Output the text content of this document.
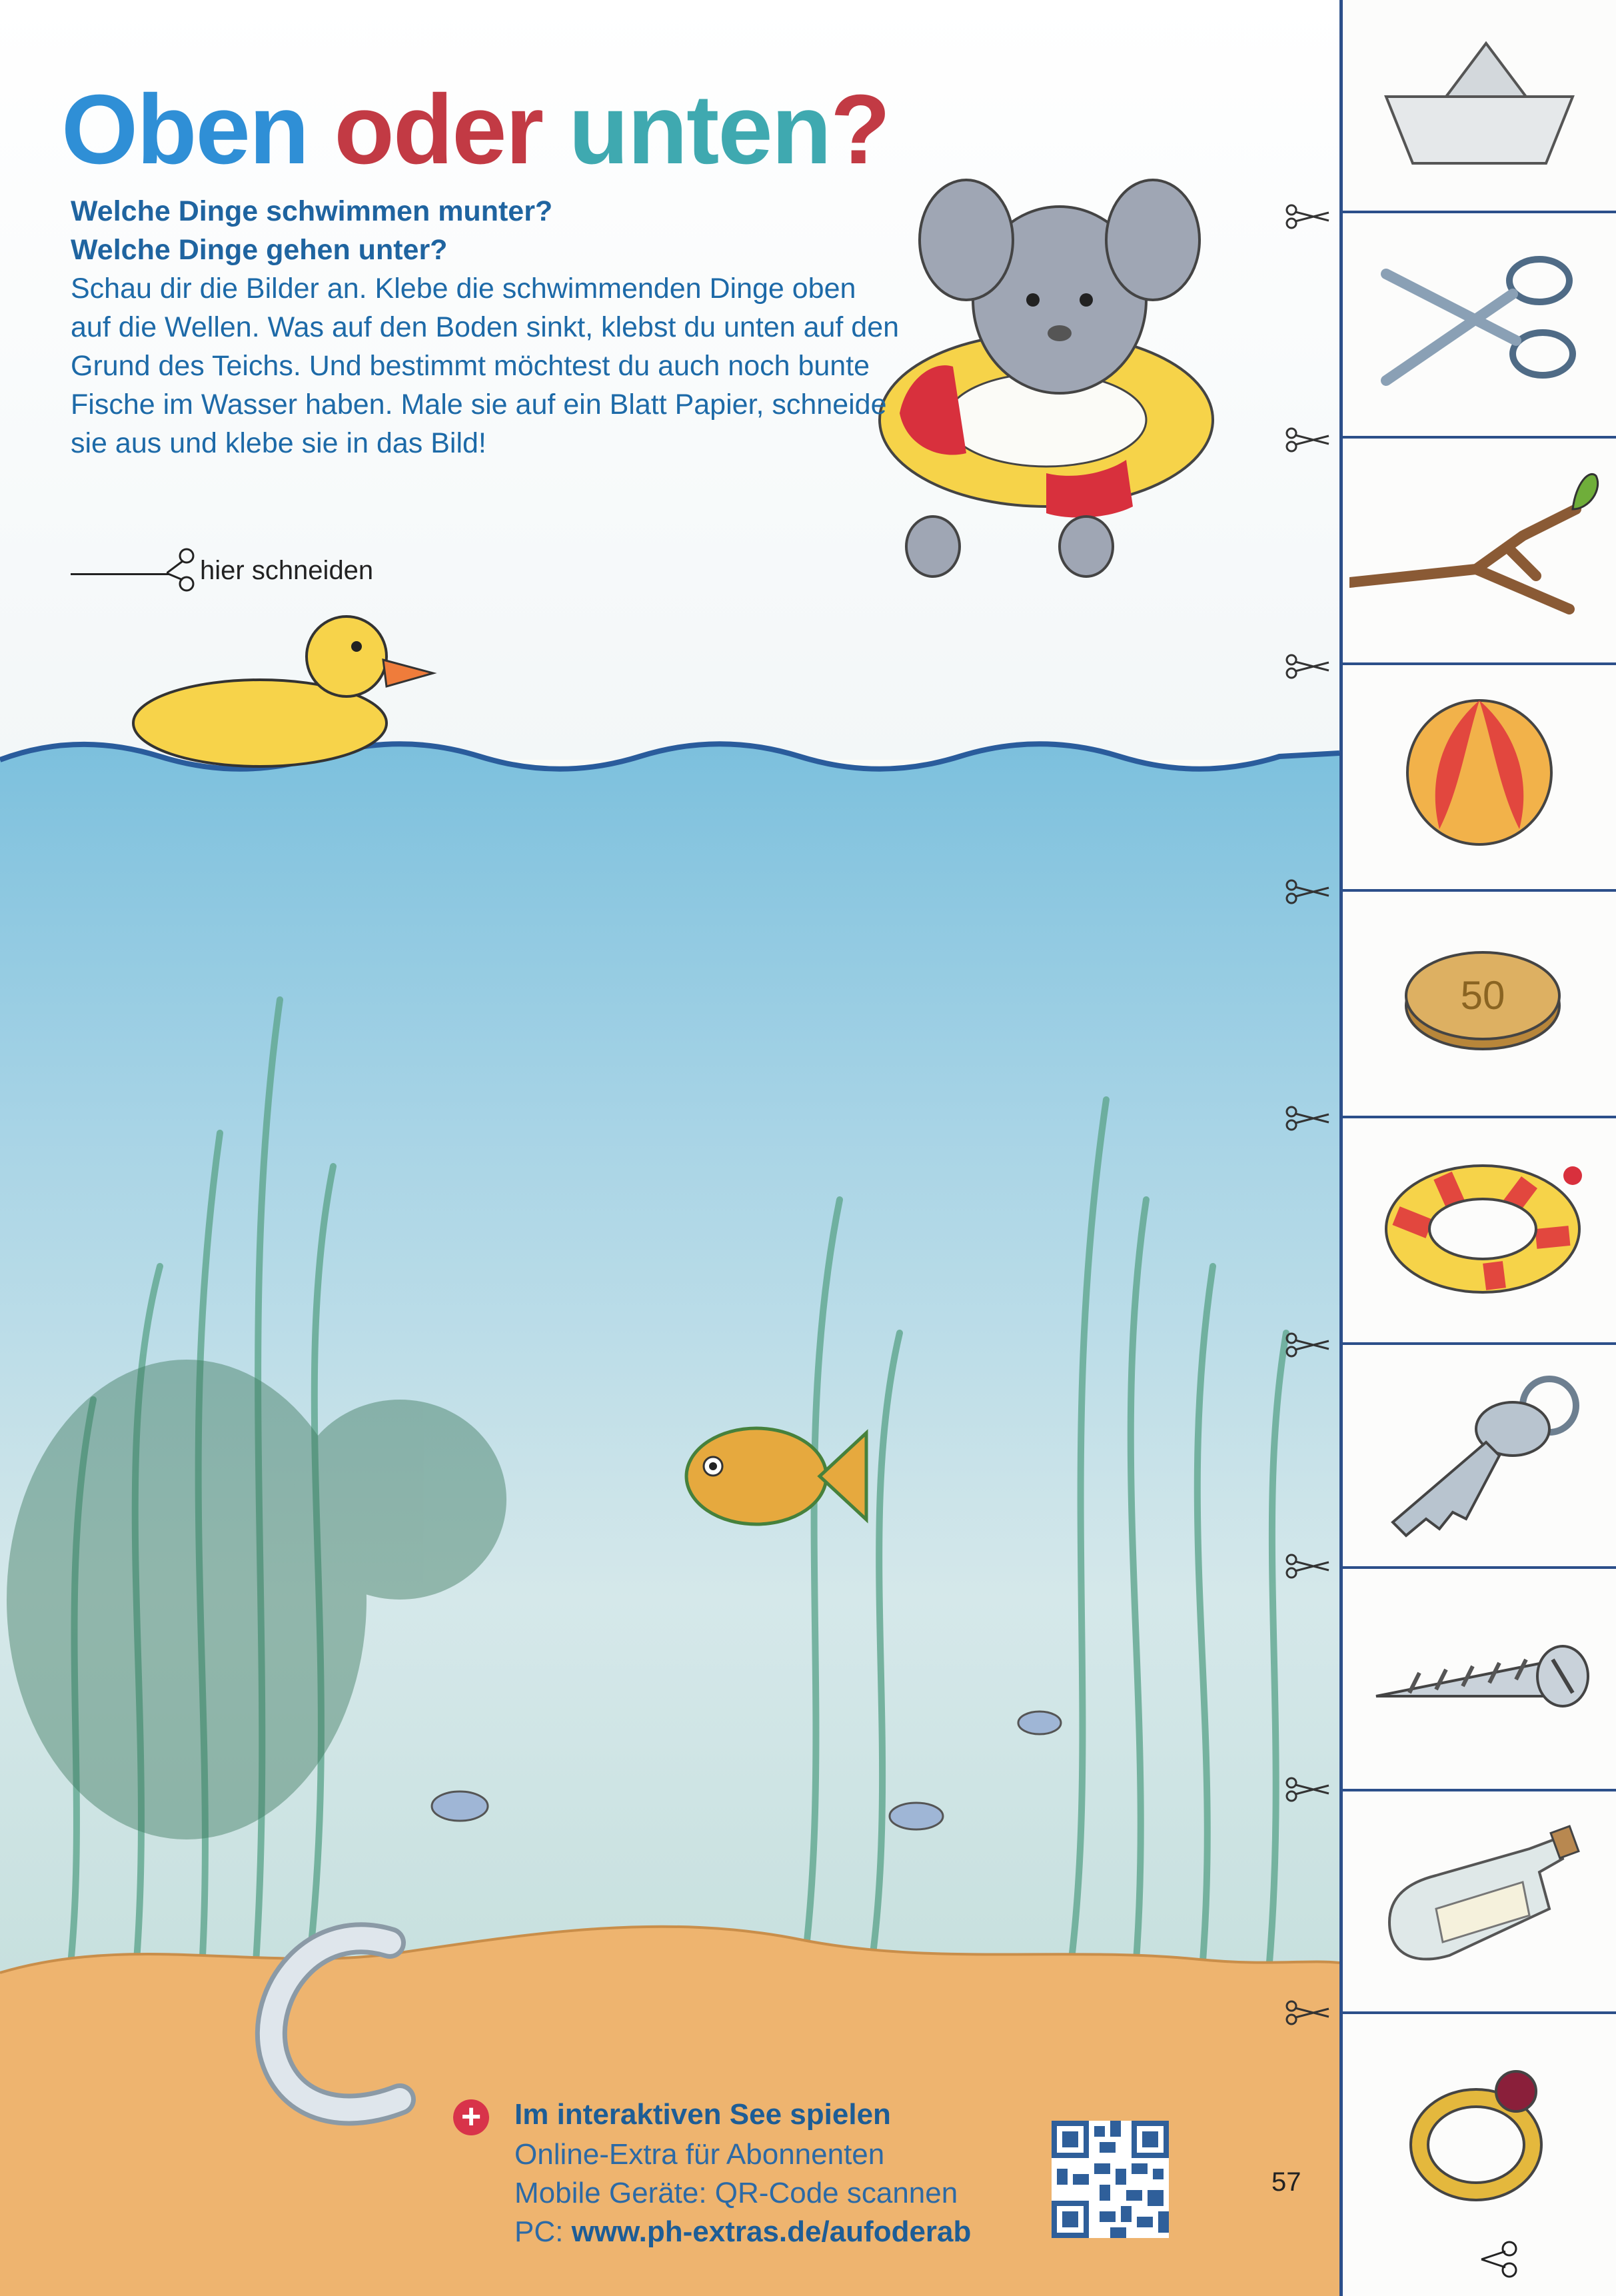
Oben oder unten?
Welche Dinge schwimmen munter?
Welche Dinge gehen unter?
Schau dir die Bilder an. Klebe die schwimmenden Dinge oben auf die Wellen. Was auf den Boden sinkt, klebst du unten auf den Grund des Teichs. Und bestimmt möchtest du auch noch bunte Fische im Wasser haben. Male sie auf ein Blatt Papier, schneide sie aus und klebe sie in das Bild!
hier schneiden
+ Im interaktiven See spielen
Online-Extra für Abonnenten
Mobile Geräte: QR-Code scannen
PC: www.ph-extras.de/aufoderab
57
50
